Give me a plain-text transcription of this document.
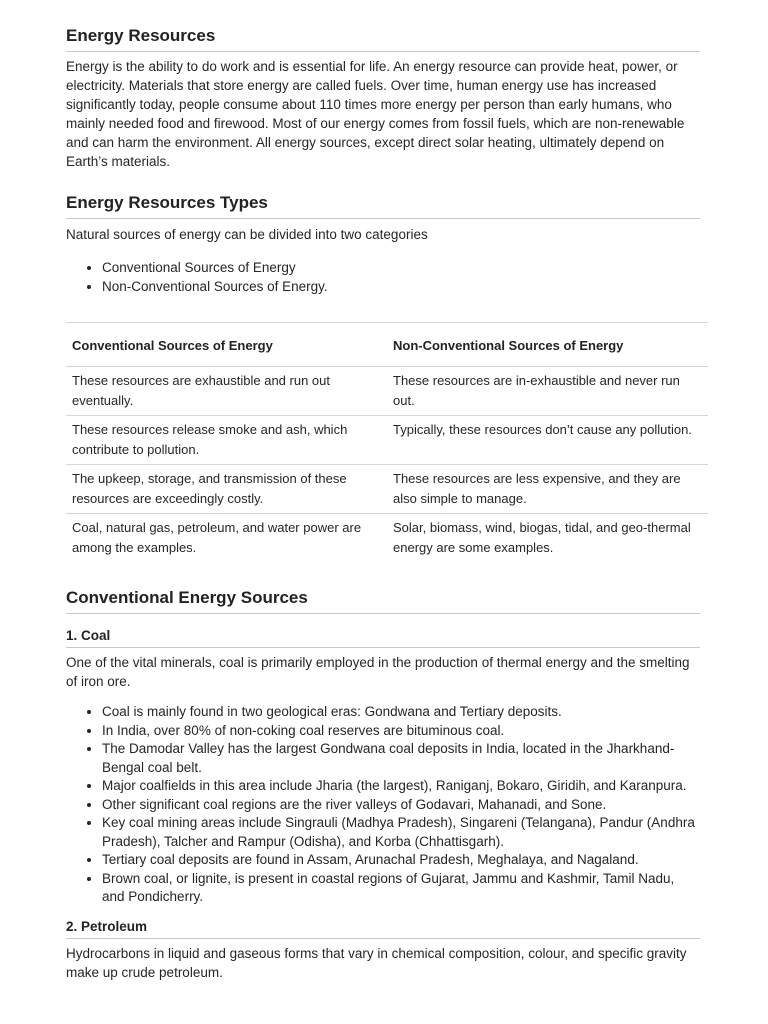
Energy Resources

Energy is the ability to do work and is essential for life. An energy resource can provide heat, power, or electricity. Materials that store energy are called fuels. Over time, human energy use has increased significantly today, people consume about 110 times more energy per person than early humans, who mainly needed food and firewood. Most of our energy comes from fossil fuels, which are non-renewable and can harm the environment. All energy sources, except direct solar heating, ultimately depend on Earth’s materials.

Energy Resources Types

Natural sources of energy can be divided into two categories

• Conventional Sources of Energy
• Non-Conventional Sources of Energy.
Conventional Sources of Energy	Non-Conventional Sources of Energy
These resources are exhaustible and run out eventually.	These resources are in-exhaustible and never run out.
These resources release smoke and ash, which contribute to pollution.	Typically, these resources don’t cause any pollution.
The upkeep, storage, and transmission of these resources are exceedingly costly.	These resources are less expensive, and they are also simple to manage.
Coal, natural gas, petroleum, and water power are among the examples.	Solar, biomass, wind, biogas, tidal, and geo-thermal energy are some examples.
Conventional Energy Sources
1. Coal

One of the vital minerals, coal is primarily employed in the production of thermal energy and the smelting of iron ore.

• Coal is mainly found in two geological eras: Gondwana and Tertiary deposits.
• In India, over 80% of non-coking coal reserves are bituminous coal.
• The Damodar Valley has the largest Gondwana coal deposits in India, located in the Jharkhand-Bengal coal belt.
• Major coalfields in this area include Jharia (the largest), Raniganj, Bokaro, Giridih, and Karanpura.
• Other significant coal regions are the river valleys of Godavari, Mahanadi, and Sone.
• Key coal mining areas include Singrauli (Madhya Pradesh), Singareni (Telangana), Pandur (Andhra Pradesh), Talcher and Rampur (Odisha), and Korba (Chhattisgarh).
• Tertiary coal deposits are found in Assam, Arunachal Pradesh, Meghalaya, and Nagaland.
• Brown coal, or lignite, is present in coastal regions of Gujarat, Jammu and Kashmir, Tamil Nadu, and Pondicherry.
2. Petroleum

Hydrocarbons in liquid and gaseous forms that vary in chemical composition, colour, and specific gravity make up crude petroleum.
